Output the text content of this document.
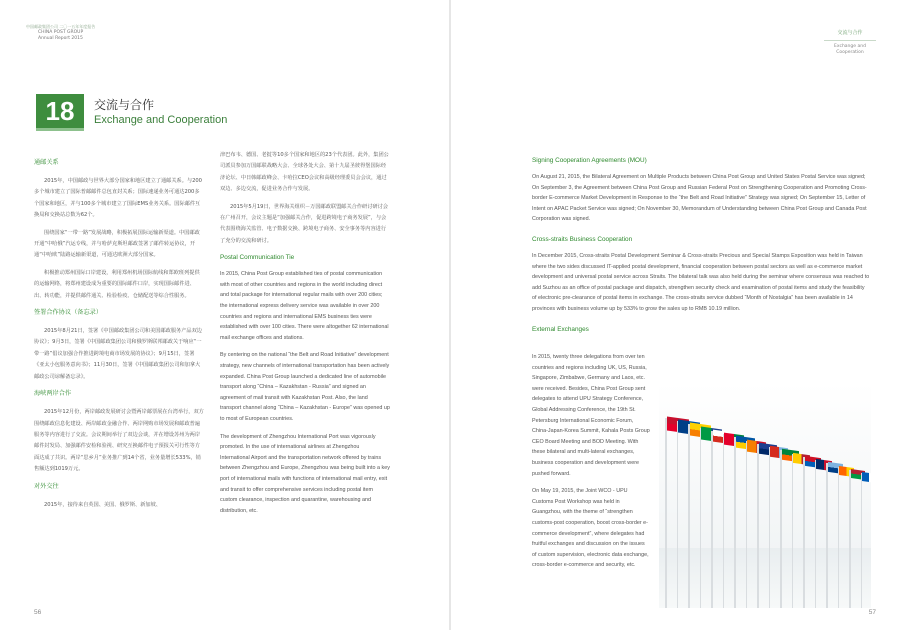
中国邮政集团公司 二〇一五年年度报告
CHINA POST GROUP
Annual Report 2015
18	交流与合作
Exchange and Cooperation
通邮关系

2015年，中国邮政与世界大部分国家和地区建立了通邮关系。与200多个城市建立了国际普邮邮件总包直封关系；国际速递业务可通达200多个国家和地区，并与100多个城市建立了国际EMS业务关系。国际邮件互换局和交换站总数为62个。

围绕国家“一带一路”发展战略，积极拓展国际运输新渠道。中国邮政开通“中哈俄”汽运专线，并与哈萨克斯坦邮政签署了邮件转运协议，开通“中哈欧”陆路运输新渠道，可通达欧洲大部分国家。

积极推动郑州国际口岸建设，利用郑州机场国际航线和郑欧班列提供的运输网络，将郑州建设成为重要的国际邮件口岸，实现国际邮件进、出、转功能，并提供邮件通关、检验检疫、仓储配送等综合性服务。

签署合作协议（备忘录）

2015年8月21日，签署《中国邮政集团公司和美国邮政服务产品双边协议》；9月3日，签署《中国邮政集团公司和俄罗斯联邦邮政关于响应“一带一路”倡议加强合作推进跨境电商市场发展的协议》；9月15日，签署《亚太小包服务意向书》；11月30日，签署《中国邮政集团公司和加拿大邮政公司谅解备忘录》。

海峡两岸合作

2015年12月份，两岸邮政发展研讨会暨两岸邮票展在台湾举行，双方围绕邮政信息化建设、两岸邮政金融合作、两岸网购市场发展和邮政普遍服务等内容进行了交流。会议期间举行了双边会谈，并在增设苏州为两岸邮件封发局、加强邮件安检和验视、研究互换邮件电子预报关可行性等方面达成了共识。两岸“思乡月”业务推广到14个省，业务量增长533%，销售额达到1019万元。

对外交往

2015年，接待来自英国、美国、俄罗斯、新加坡、

津巴布韦、德国、老挝等10多个国家和地区的23个代表团。此外，集团公司派员参加万国邮联战略大会、全球各处大会、第十九届圣彼得堡国际经济论坛、中日韩邮政峰会、卡哈拉CEO会议和高级经理委员会会议，通过双边、多边交流，促进业务合作与发展。

2015年5月19日，世界海关组织－万国邮政联盟邮关合作研讨研讨会在广州召开，会议主题是“加强邮关合作，促进跨境电子商务发展”，与会代表围绕海关监管、电子数据交换、跨境电子商务、安全事务等内容进行了充分的交流和研讨。

Postal Communication Tie

In 2015, China Post Group established ties of postal communication with most of other countries and regions in the world including direct and total package for international regular mails with over 200 cities; the international express delivery service was available in over 200 countries and regions and international EMS business ties were established with over 100 cities. There were altogether 62 international mail exchange offices and stations.

By centering on the national “the Belt and Road Initiative” development strategy, new channels of international transportation has been actively expanded. China Post Group launched a dedicated line of automobile transport along “China – Kazakhstan - Russia” and signed an agreement of mail transit with Kazakhstan Post. Also, the land transport channel along “China – Kazakhstan - Europe” was opened up to most of European countries.

The development of Zhengzhou International Port was vigorously promoted. In the use of international airlines at Zhengzhou International Airport and the transportation network offered by trains between Zhengzhou and Europe, Zhengzhou was being built into a key port of international mails with functions of international mail entry, exit and transit to offer comprehensive services including postal item custom clearance, inspection and quarantine, warehousing and distribution, etc.

56
交流与合作
Exchange and
Cooperation
57
Signing Cooperation Agreements (MOU)

On August 21, 2015, the Bilateral Agreement on Multiple Products between China Post Group and United States Postal Service was signed; On September 3, the Agreement between China Post Group and Russian Federal Post on Strengthening Cooperation and Promoting Cross-border E-commerce Market Development in Response to the “the Belt and Road Initiative” Strategy was signed; On September 15, Letter of Intent on APAC Packet Service was signed; On November 30, Memorandum of Understanding between China Post Group and Canada Post Corporation was signed.

Cross-straits Business Cooperation

In December 2015, Cross-straits Postal Development Seminar & Cross-straits Precious and Special Stamps Exposition was held in Taiwan where the two sides discussed IT-applied postal development, financial cooperation between postal sectors as well as e-commerce market development and universal postal service across Straits. The bilateral talk was also held during the seminar where consensus was reached to add Suzhou as an office of postal package and dispatch, strengthen security check and examination of postal items and study the feasibility of electronic pre-clearance of postal items in exchange. The cross-straits service dubbed “Month of Nostalgia” has been available in 14 provinces with business volume up by 533% to grow the sales up to RMB 10.19 million.

External Exchanges

In 2015, twenty three delegations from over ten countries and regions including UK, US, Russia, Singapore, Zimbabwe, Germany and Laos, etc. were received. Besides, China Post Group sent delegates to attend UPU Strategy Conference, Global Addressing Conference, the 19th St. Petersburg International Economic Forum, China-Japan-Korea Summit, Kahala Posts Group CEO Board Meeting and BOD Meeting. With these bilateral and multi-lateral exchanges, business cooperation and development were pushed forward.

On May 19, 2015, the Joint WCO - UPU Customs Post Workshop was held in Guangzhou, with the theme of “strengthen customs-post cooperation, boost cross-border e-commerce development”, where delegates had fruitful exchanges and discussion on the issues of custom supervision, electronic data exchange, cross-border e-commerce and security, etc.
